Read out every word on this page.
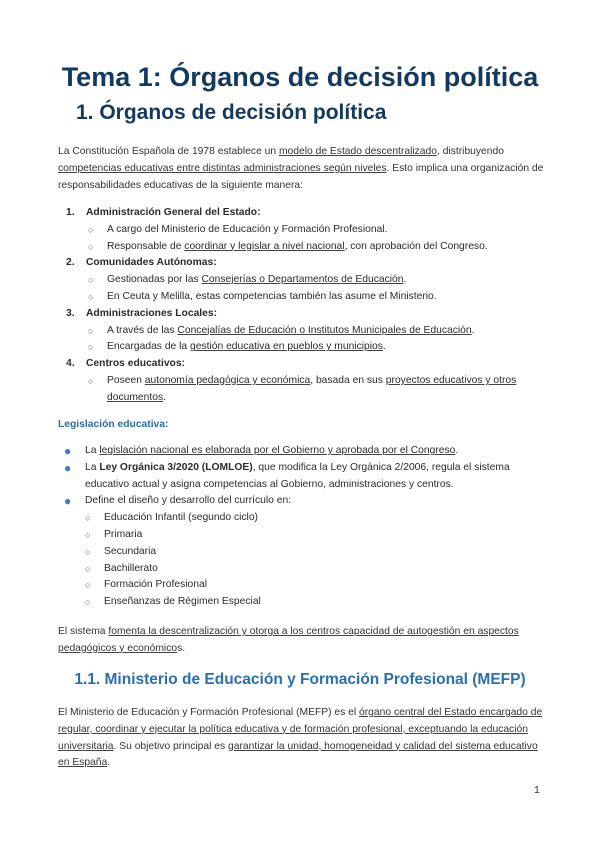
Tema 1: Órganos de decisión política
1. Órganos de decisión política

La Constitución Española de 1978 establece un modelo de Estado descentralizado, distribuyendo competencias educativas entre distintas administraciones según niveles. Esto implica una organización de responsabilidades educativas de la siguiente manera:

1.	Administración General del Estado:
○	A cargo del Ministerio de Educación y Formación Profesional.
○	Responsable de coordinar y legislar a nivel nacional, con aprobación del Congreso.
2.	Comunidades Autónomas:
○	Gestionadas por las Consejerías o Departamentos de Educación.
○	En Ceuta y Melilla, estas competencias también las asume el Ministerio.
3.	Administraciones Locales:
○	A través de las Concejalías de Educación o Institutos Municipales de Educación.
○	Encargadas de la gestión educativa en pueblos y municipios.
4.	Centros educativos:
○	Poseen autonomía pedagógica y económica, basada en sus proyectos educativos y otros documentos.

Legislación educativa:

●	La legislación nacional es elaborada por el Gobierno y aprobada por el Congreso.
●	La Ley Orgánica 3/2020 (LOMLOE), que modifica la Ley Orgánica 2/2006, regula el sistema educativo actual y asigna competencias al Gobierno, administraciones y centros.
●	Define el diseño y desarrollo del currículo en:
○	Educación Infantil (segundo ciclo)
○	Primaria
○	Secundaria
○	Bachillerato
○	Formación Profesional
○	Enseñanzas de Régimen Especial

El sistema fomenta la descentralización y otorga a los centros capacidad de autogestión en aspectos pedagógicos y económicos.

1.1. Ministerio de Educación y Formación Profesional (MEFP)

El Ministerio de Educación y Formación Profesional (MEFP) es el órgano central del Estado encargado de regular, coordinar y ejecutar la política educativa y de formación profesional, exceptuando la educación universitaria. Su objetivo principal es garantizar la unidad, homogeneidad y calidad del sistema educativo en España.

1
